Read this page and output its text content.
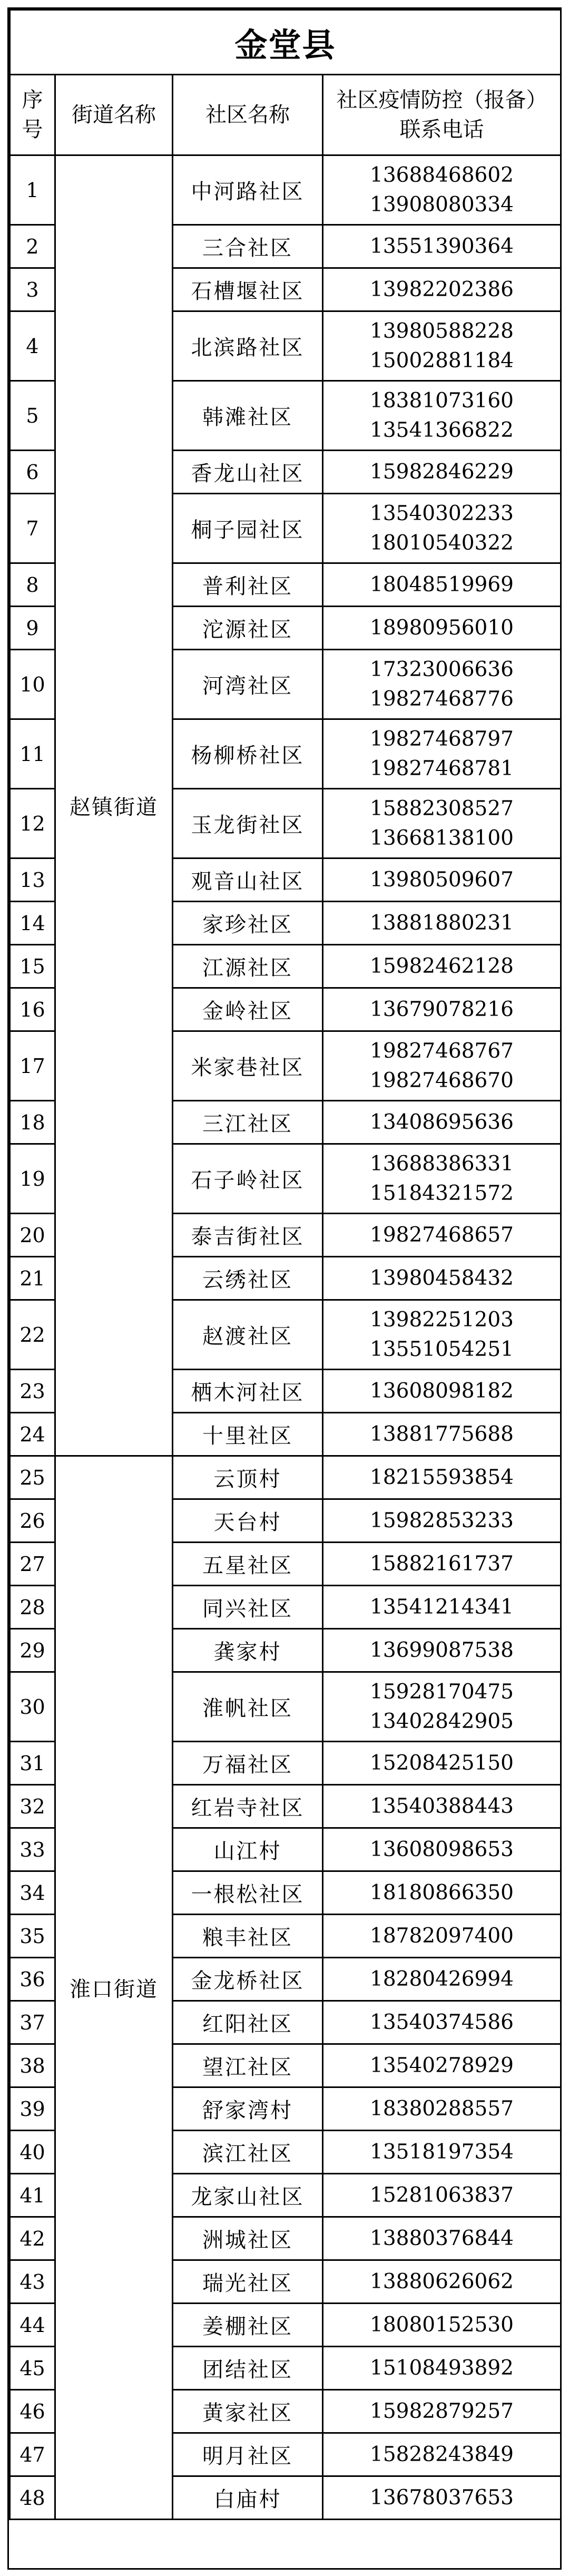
金堂县			
序号	街道名称	社区名称	社区疫情防控（报备）联系电话
1	赵镇街道	中河路社区	13688468602
13908080334

2		三合社区	13551390364

3		石槽堰社区	13982202386

4		北滨路社区	13980588228
15002881184

5		韩滩社区	18381073160
13541366822

6		香龙山社区	15982846229

7		桐子园社区	13540302233
18010540322

8		普利社区	18048519969

9		沱源社区	18980956010

10		河湾社区	17323006636
19827468776

11		杨柳桥社区	19827468797
19827468781

12		玉龙街社区	15882308527
13668138100

13		观音山社区	13980509607

14		家珍社区	13881880231

15		江源社区	15982462128

16		金岭社区	13679078216

17		米家巷社区	19827468767
19827468670

18		三江社区	13408695636

19		石子岭社区	13688386331
15184321572

20		泰吉街社区	19827468657

21		云绣社区	13980458432

22		赵渡社区	13982251203
13551054251

23		栖木河社区	13608098182

24		十里社区	13881775688

25	淮口街道	云顶村	18215593854

26		天台村	15982853233

27		五星社区	15882161737

28		同兴社区	13541214341

29		龚家村	13699087538

30		淮帆社区	15928170475
13402842905

31		万福社区	15208425150

32		红岩寺社区	13540388443

33		山江村	13608098653

34		一根松社区	18180866350

35		粮丰社区	18782097400

36		金龙桥社区	18280426994

37		红阳社区	13540374586

38		望江社区	13540278929

39		舒家湾村	18380288557

40		滨江社区	13518197354

41		龙家山社区	15281063837

42		洲城社区	13880376844

43		瑞光社区	13880626062

44		姜棚社区	18080152530

45		团结社区	15108493892

46		黄家社区	15982879257

47		明月社区	15828243849

48		白庙村	13678037653
